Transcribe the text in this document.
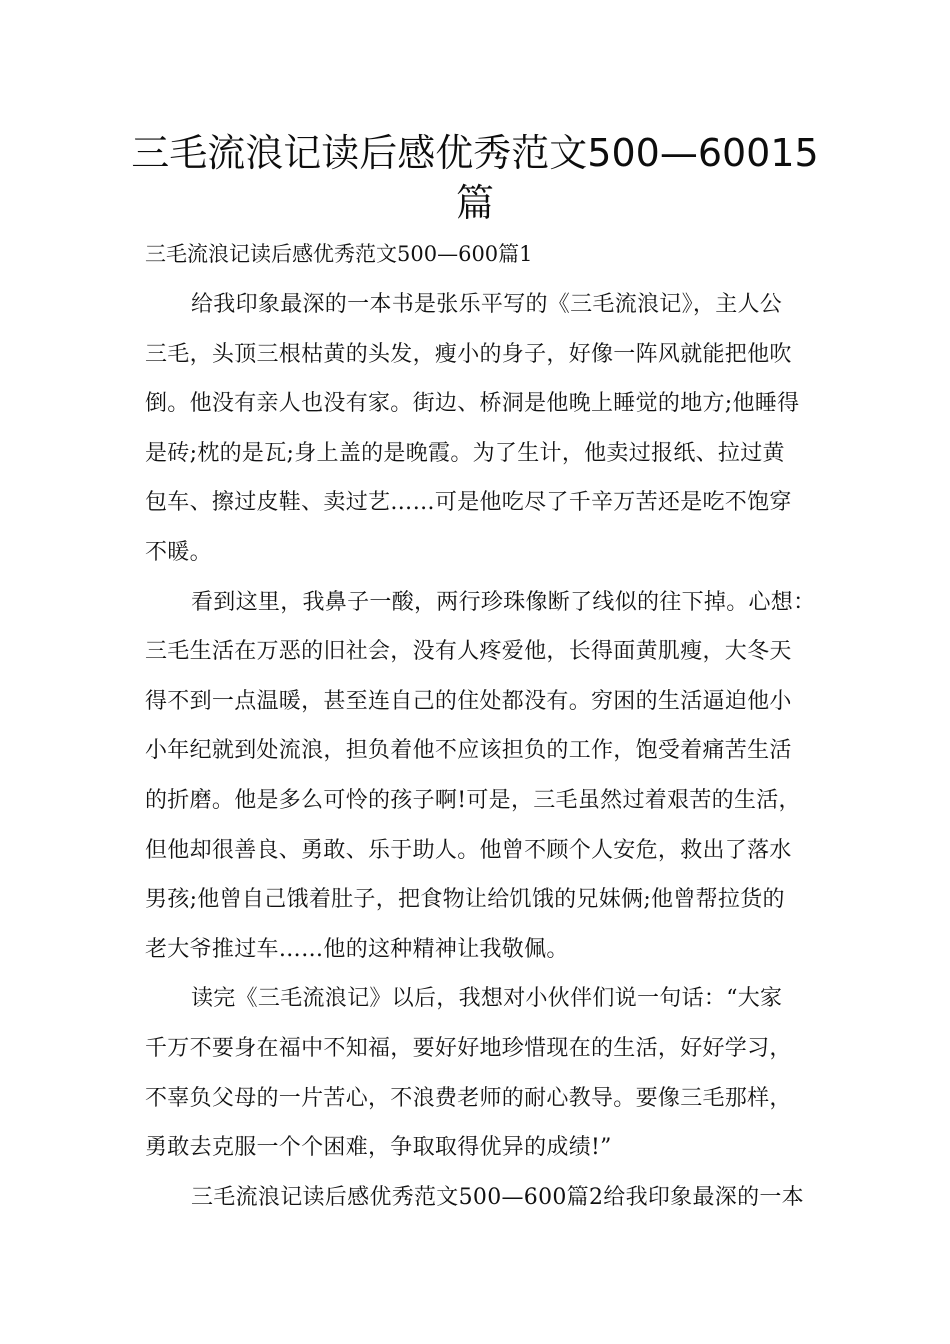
三毛流浪记读后感优秀范文500—60015
篇

三毛流浪记读后感优秀范文500—600篇1

给我印象最深的一本书是张乐平写的《三毛流浪记》，主人公
三毛，头顶三根枯黄的头发，瘦小的身子，好像一阵风就能把他吹
倒。他没有亲人也没有家。街边、桥洞是他晚上睡觉的地方;他睡得
是砖;枕的是瓦;身上盖的是晚霞。为了生计，他卖过报纸、拉过黄
包车、擦过皮鞋、卖过艺……可是他吃尽了千辛万苦还是吃不饱穿
不暖。

看到这里，我鼻子一酸，两行珍珠像断了线似的往下掉。心想：
三毛生活在万恶的旧社会，没有人疼爱他，长得面黄肌瘦，大冬天
得不到一点温暖，甚至连自己的住处都没有。穷困的生活逼迫他小
小年纪就到处流浪，担负着他不应该担负的工作，饱受着痛苦生活
的折磨。他是多么可怜的孩子啊!可是，三毛虽然过着艰苦的生活，
但他却很善良、勇敢、乐于助人。他曾不顾个人安危，救出了落水
男孩;他曾自己饿着肚子，把食物让给饥饿的兄妹俩;他曾帮拉货的
老大爷推过车……他的这种精神让我敬佩。

读完《三毛流浪记》以后，我想对小伙伴们说一句话：“大家
千万不要身在福中不知福，要好好地珍惜现在的生活，好好学习，
不辜负父母的一片苦心，不浪费老师的耐心教导。要像三毛那样，
勇敢去克服一个个困难，争取取得优异的成绩!”

三毛流浪记读后感优秀范文500—600篇2给我印象最深的一本
